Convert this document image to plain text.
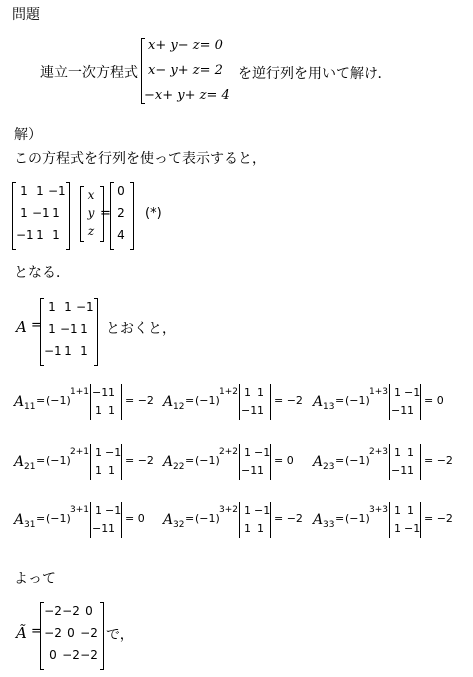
問題
連立一次方程式
x+ y− z= 0
x− y+ z= 2
−x+ y+ z= 4
を逆行列を用いて解け．
解）
この方程式を行列を使って表示すると，
(*)
となる．
A =	とおくと，
よって
Ã =	で，
1 1 −1
1 −1 1
−1 1 1
x
y
z
=
0
2
4
1 1 −1
1 −1 1
−1 1 1
A 11 = (−1)
1+1 −1 1
1 1
= −2 A 12 = (−1)
1+2 1 1
−1 1
= −2 A 13 = (−1)
1+3 1 −1
−1 1
= 0
A 21 = (−1)
2+1 1 −1
1 1
= −2 A 22 = (−1)
2+2 1 −1
−1 1
= 0 A 23 = (−1)
2+3 1 1
−1 1
= −2
A 31 = (−1)
3+1 1 −1
−1 1
= 0 A 32 = (−1)
3+2 1 −1
1 1
= −2 A 33 = (−1)
3+3 1 1
1 −1
= −2
−2 −2 0
−2 0 −2
0 −2 −2
